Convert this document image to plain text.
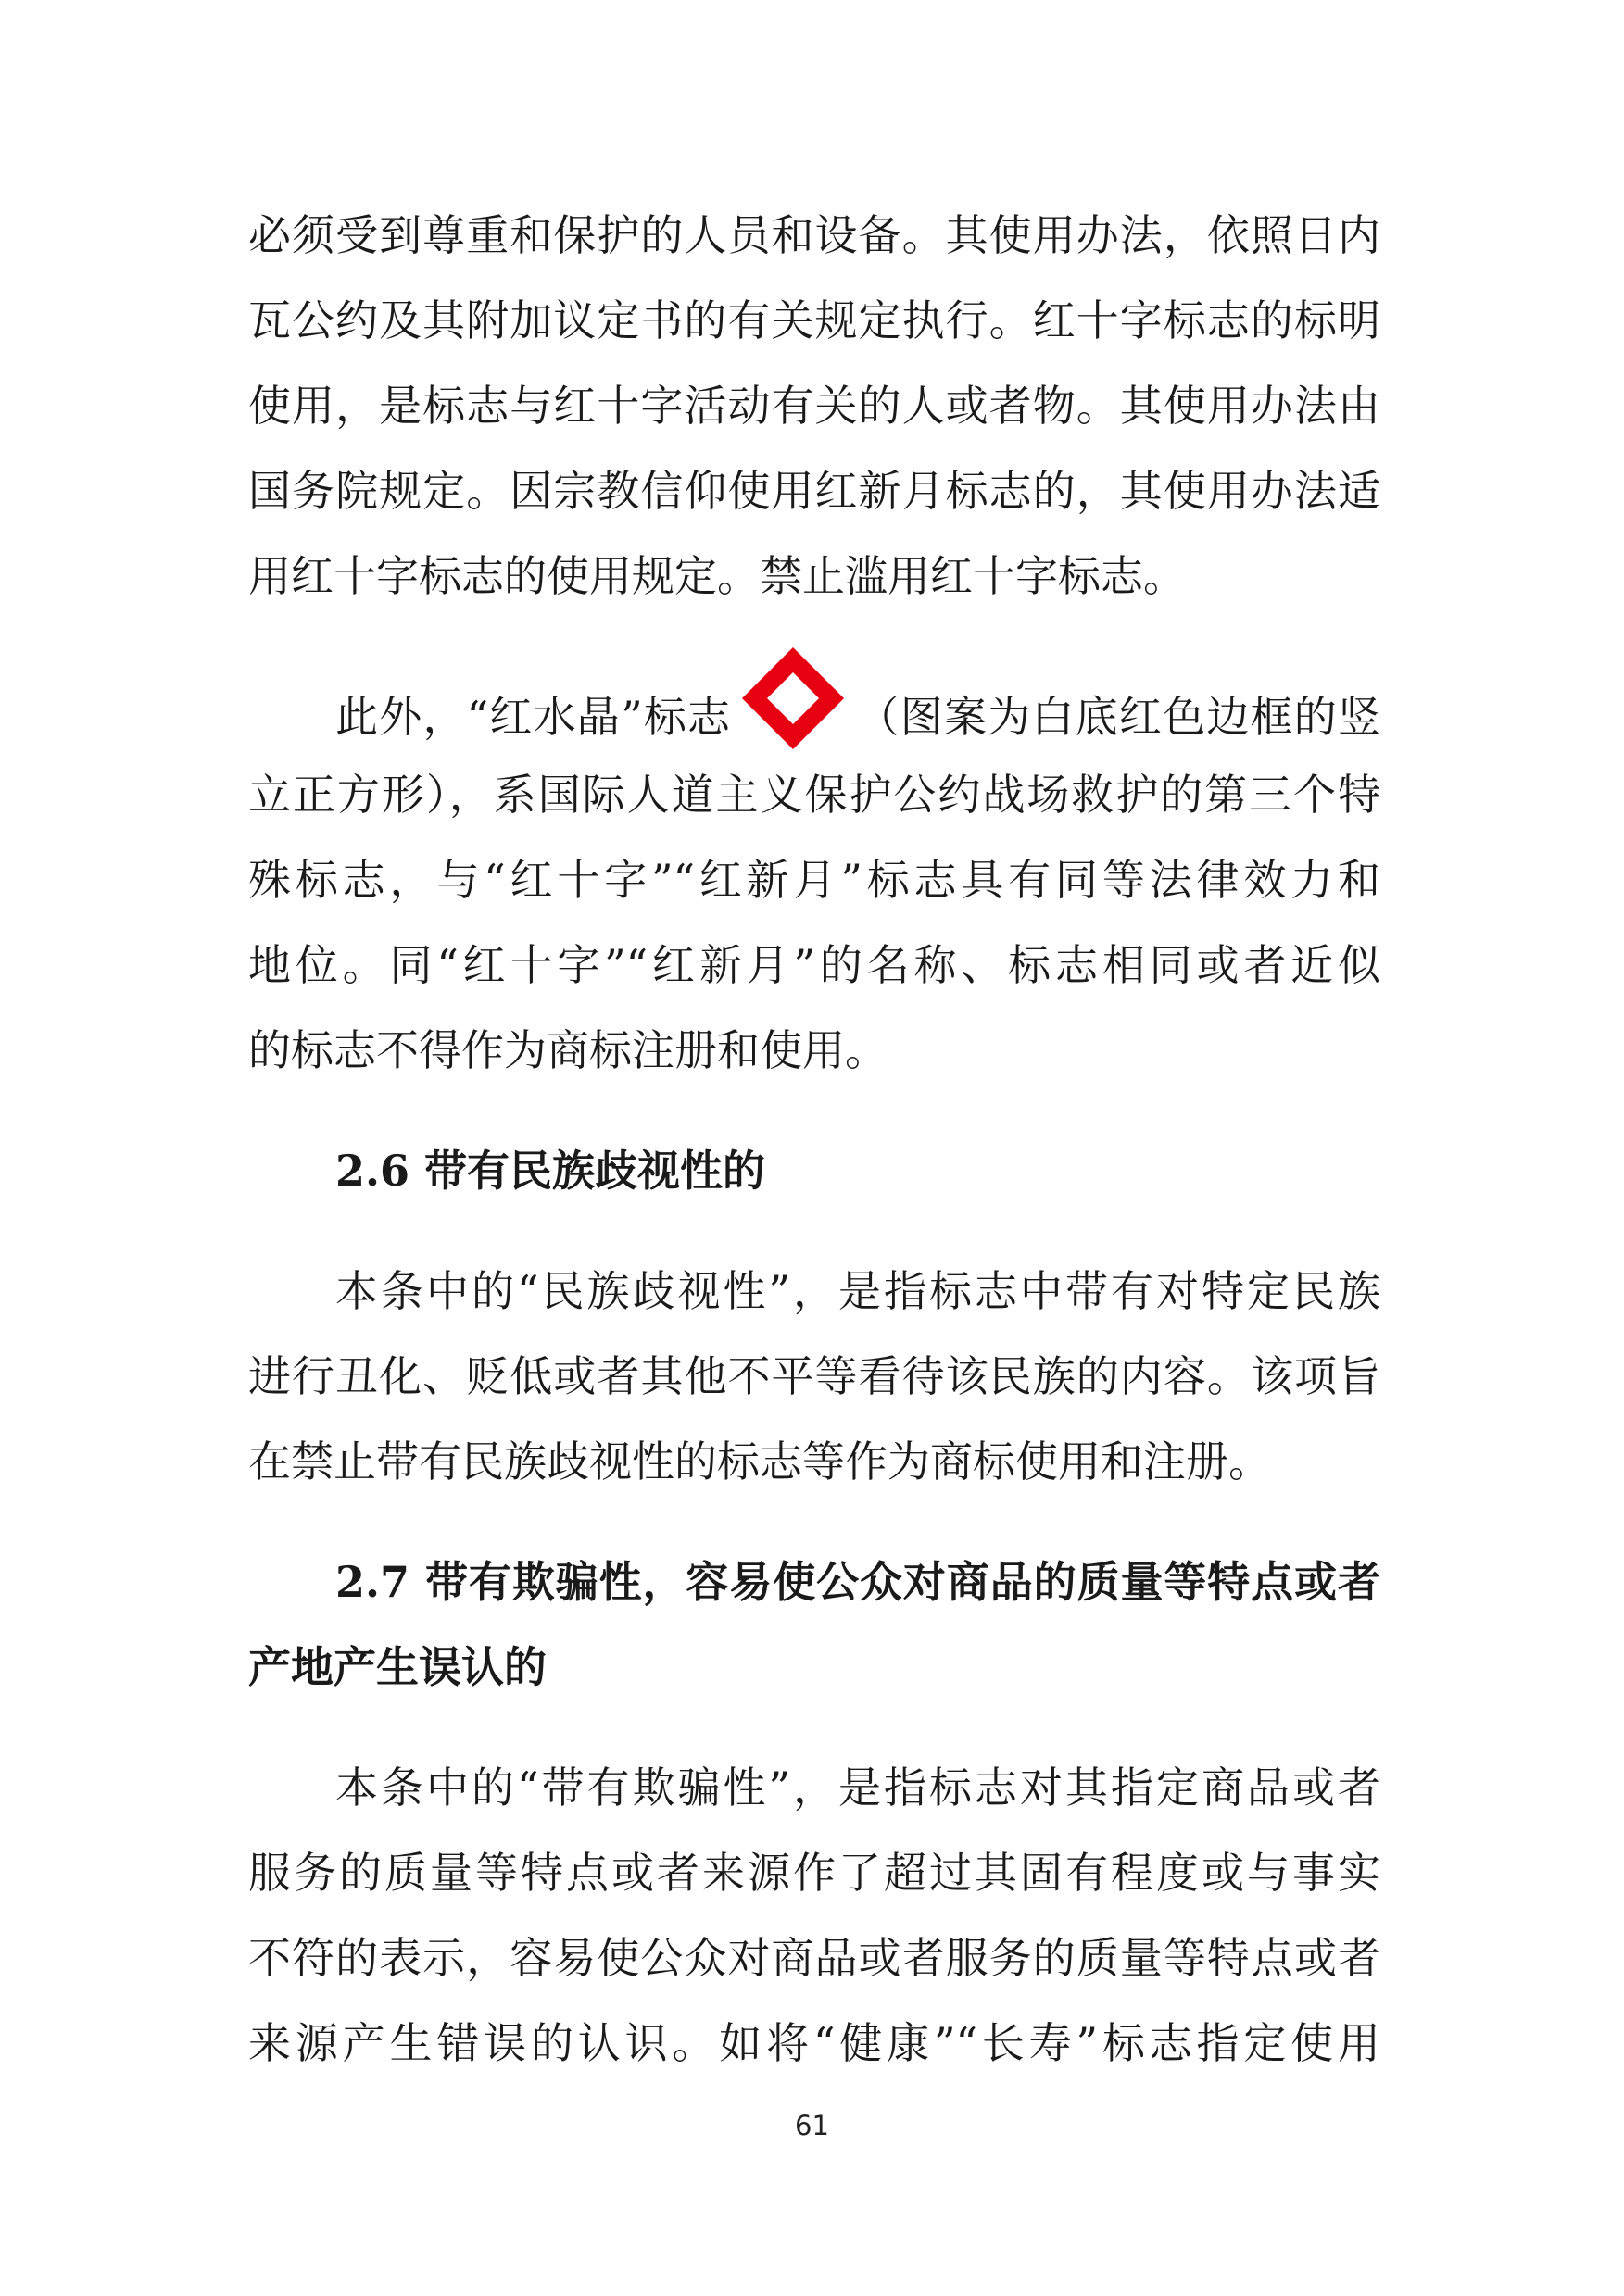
必须受到尊重和保护的人员和设备。其使用办法，依照日内
瓦公约及其附加议定书的有关规定执行。红十字标志的标明
使用，是标志与红十字活动有关的人或者物。其使用办法由
国务院规定。因宗教信仰使用红新月标志的，其使用办法适
用红十字标志的使用规定。禁止滥用红十字标志。
此外，“红水晶”标志	（图案为白底红色边框的竖
立正方形），系国际人道主义保护公约战场救护的第三个特
殊标志，与“红十字”“红新月”标志具有同等法律效力和
地位。同“红十字”“红新月”的名称、标志相同或者近似
的标志不得作为商标注册和使用。
2.6 带有民族歧视性的
本条中的“民族歧视性”，是指标志中带有对特定民族
进行丑化、贬低或者其他不平等看待该民族的内容。该项旨
在禁止带有民族歧视性的标志等作为商标使用和注册。
2.7 带有欺骗性，容易使公众对商品的质量等特点或者
产地产生误认的
本条中的“带有欺骗性”，是指标志对其指定商品或者
服务的质量等特点或者来源作了超过其固有程度或与事实
不符的表示，容易使公众对商品或者服务的质量等特点或者
来源产生错误的认识。如将“健康”“长寿”标志指定使用
61
